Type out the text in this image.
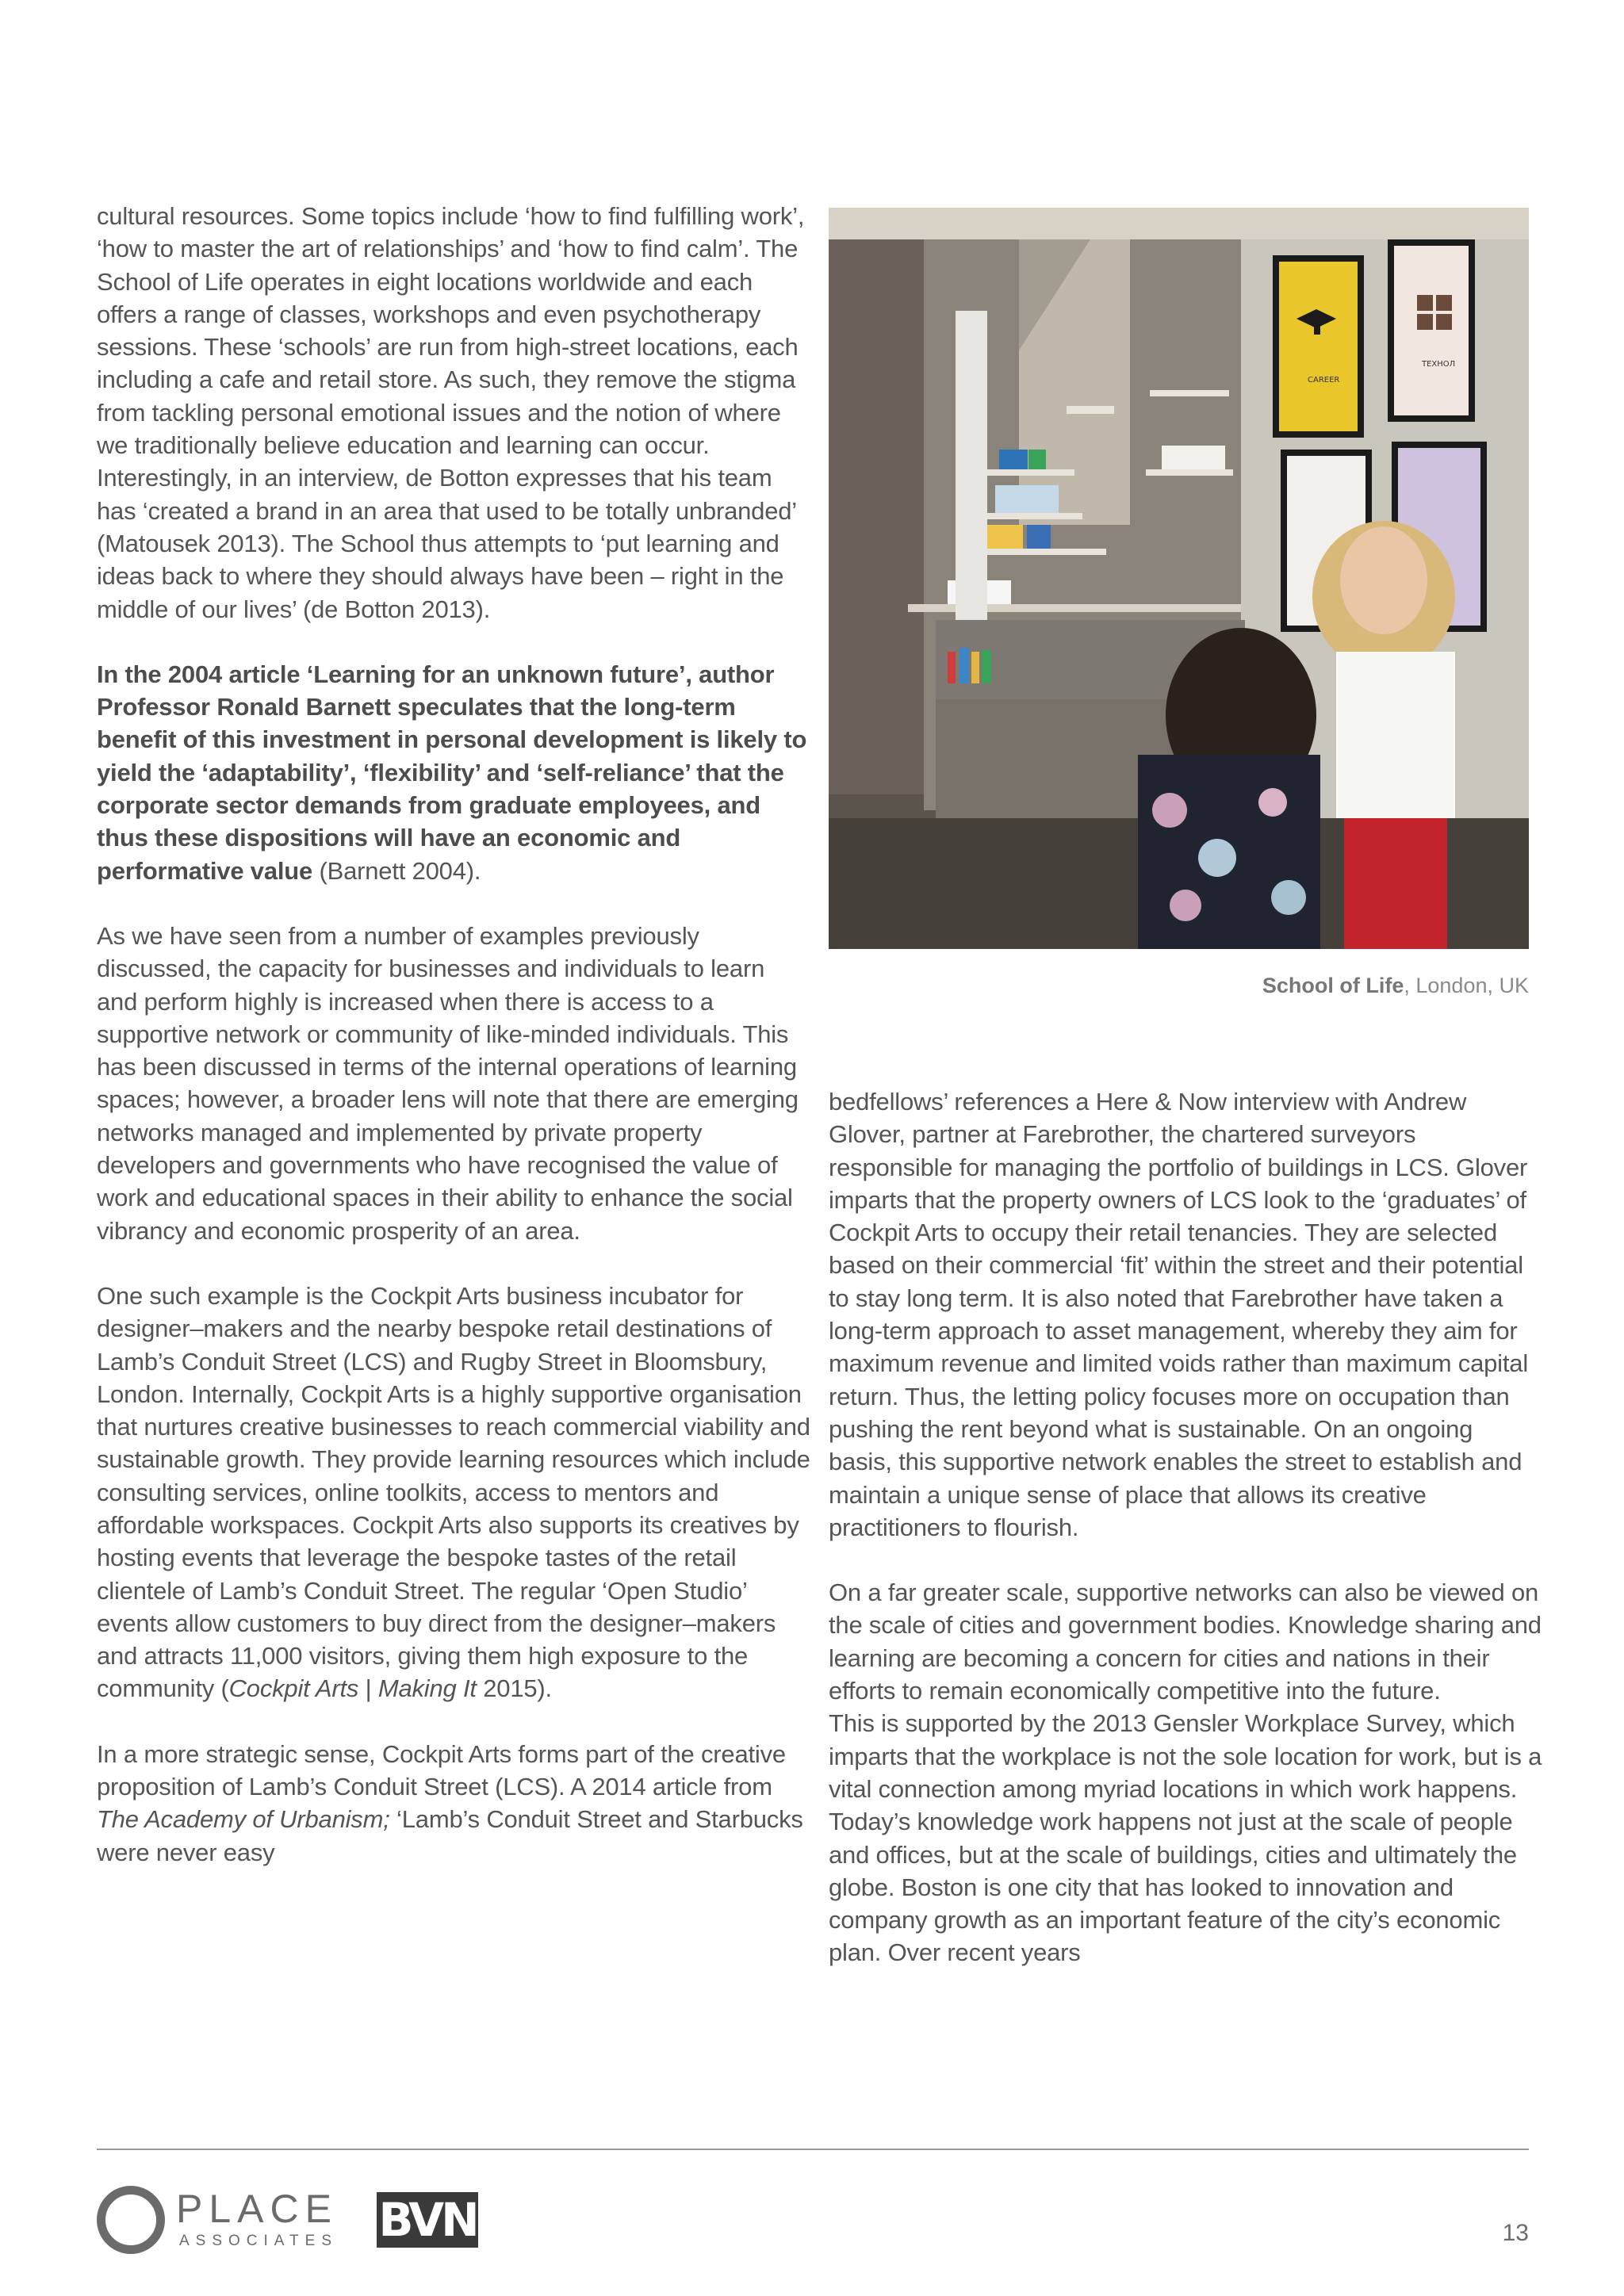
cultural resources. Some topics include ‘how to find fulfilling work’, ‘how to master the art of relationships’ and ‘how to find calm’. The School of Life operates in eight locations worldwide and each offers a range of classes, workshops and even psychotherapy sessions. These ‘schools’ are run from high-street locations, each including a cafe and retail store. As such, they remove the stigma from tackling personal emotional issues and the notion of where we traditionally believe education and learning can occur. Interestingly, in an interview, de Botton expresses that his team has ‘created a brand in an area that used to be totally unbranded’ (Matousek 2013). The School thus attempts to ‘put learning and ideas back to where they should always have been – right in the middle of our lives’ (de Botton 2013).

In the 2004 article ‘Learning for an unknown future’, author Professor Ronald Barnett speculates that the long-term benefit of this investment in personal development is likely to yield the ‘adaptability’, ‘flexibility’ and ‘self-reliance’ that the corporate sector demands from graduate employees, and thus these dispositions will have an economic and performative value (Barnett 2004).

As we have seen from a number of examples previously discussed, the capacity for businesses and individuals to learn and perform highly is increased when there is access to a supportive network or community of like-minded individuals. This has been discussed in terms of the internal operations of learning spaces; however, a broader lens will note that there are emerging networks managed and implemented by private property developers and governments who have recognised the value of work and educational spaces in their ability to enhance the social vibrancy and economic prosperity of an area.

One such example is the Cockpit Arts business incubator for designer–makers and the nearby bespoke retail destinations of Lamb’s Conduit Street (LCS) and Rugby Street in Bloomsbury, London. Internally, Cockpit Arts is a highly supportive organisation that nurtures creative businesses to reach commercial viability and sustainable growth. They provide learning resources which include consulting services, online toolkits, access to mentors and affordable workspaces. Cockpit Arts also supports its creatives by hosting events that leverage the bespoke tastes of the retail clientele of Lamb’s Conduit Street. The regular ‘Open Studio’ events allow customers to buy direct from the designer–makers and attracts 11,000 visitors, giving them high exposure to the community (Cockpit Arts | Making It 2015).

In a more strategic sense, Cockpit Arts forms part of the creative proposition of Lamb’s Conduit Street (LCS). A 2014 article from The Academy of Urbanism; ‘Lamb’s Conduit Street and Starbucks were never easy

CAREER
ТЕХНОЛ
School of Life, London, UK

bedfellows’ references a Here & Now interview with Andrew Glover, partner at Farebrother, the chartered surveyors responsible for managing the portfolio of buildings in LCS. Glover imparts that the property owners of LCS look to the ‘graduates’ of Cockpit Arts to occupy their retail tenancies. They are selected based on their commercial ‘fit’ within the street and their potential to stay long term. It is also noted that Farebrother have taken a long-term approach to asset management, whereby they aim for maximum revenue and limited voids rather than maximum capital return. Thus, the letting policy focuses more on occupation than pushing the rent beyond what is sustainable. On an ongoing basis, this supportive network enables the street to establish and maintain a unique sense of place that allows its creative practitioners to flourish.

On a far greater scale, supportive networks can also be viewed on the scale of cities and government bodies. Knowledge sharing and learning are becoming a concern for cities and nations in their efforts to remain economically competitive into the future.

This is supported by the 2013 Gensler Workplace Survey, which imparts that the workplace is not the sole location for work, but is a vital connection among myriad locations in which work happens. Today’s knowledge work happens not just at the scale of people and offices, but at the scale of buildings, cities and ultimately the globe. Boston is one city that has looked to innovation and company growth as an important feature of the city’s economic plan. Over recent years

PLACE
ASSOCIATES BVN	13
